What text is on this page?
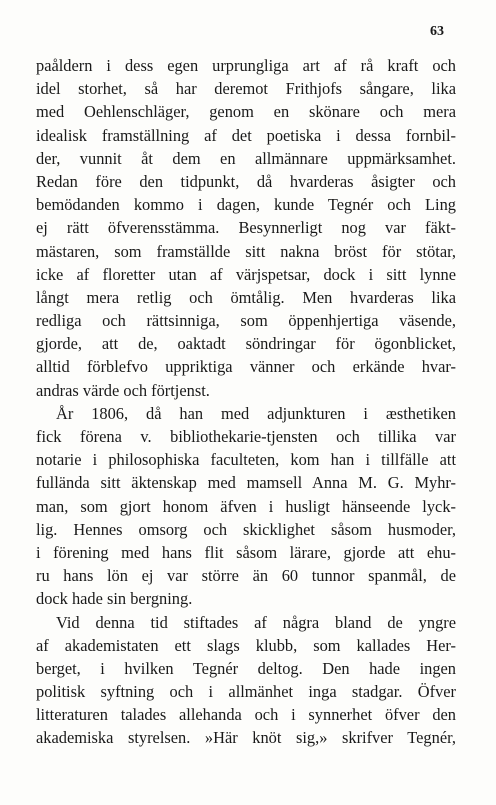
63
paåldern i dess egen urprungliga art af rå kraft och
idel storhet, så har deremot Frithjofs sångare, lika
med Oehlenschläger, genom en skönare och mera
idealisk framställning af det poetiska i dessa fornbil-
der, vunnit åt dem en allmännare uppmärksamhet.
Redan före den tidpunkt, då hvarderas åsigter och
bemödanden kommo i dagen, kunde Tegnér och Ling
ej rätt öfverensstämma. Besynnerligt nog var fäkt-
mästaren, som framställde sitt nakna bröst för stötar,
icke af floretter utan af värjspetsar, dock i sitt lynne
långt mera retlig och ömtålig. Men hvarderas lika
redliga och rättsinniga, som öppenhjertiga väsende,
gjorde, att de, oaktadt söndringar för ögonblicket,
alltid förblefvo uppriktiga vänner och erkände hvar-
andras värde och förtjenst.
År 1806, då han med adjunkturen i æsthetiken
fick förena v. bibliothekarie-tjensten och tillika var
notarie i philosophiska faculteten, kom han i tillfälle att
fullända sitt äktenskap med mamsell Anna M. G. Myhr-
man, som gjort honom äfven i husligt hänseende lyck-
lig. Hennes omsorg och skicklighet såsom husmoder,
i förening med hans flit såsom lärare, gjorde att ehu-
ru hans lön ej var större än 60 tunnor spanmål, de
dock hade sin bergning.
Vid denna tid stiftades af några bland de yngre
af akademistaten ett slags klubb, som kallades Her-
berget, i hvilken Tegnér deltog. Den hade ingen
politisk syftning och i allmänhet inga stadgar. Öfver
litteraturen talades allehanda och i synnerhet öfver den
akademiska styrelsen. »Här knöt sig,» skrifver Tegnér,
